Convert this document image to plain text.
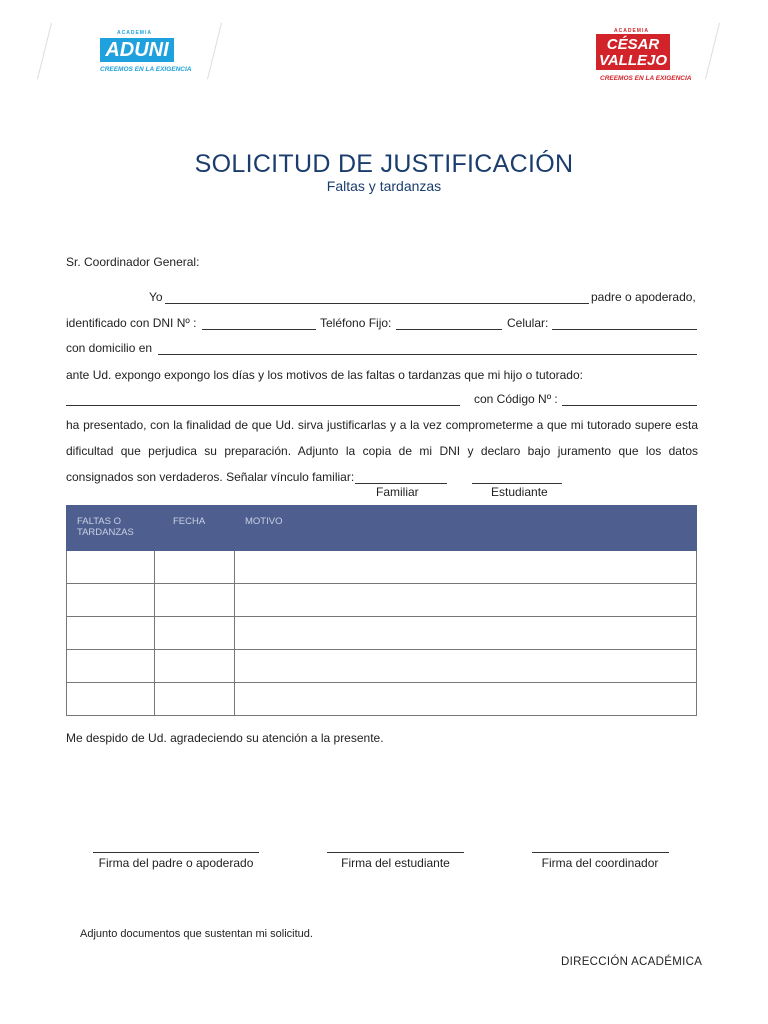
ACADEMIA
ADUNI
CREEMOS EN LA EXIGENCIA
ACADEMIA
CÉSAR
VALLEJO
CREEMOS EN LA EXIGENCIA
SOLICITUD DE JUSTIFICACIÓN
Faltas y tardanzas
Sr. Coordinador General:
Yo	padre o apoderado,
identificado con DNI Nº :	Teléfono Fijo:	Celular:
con domicilio en
ante Ud. expongo expongo los días y los motivos de las faltas o tardanzas que mi hijo o tutorado:
con Código Nº :
ha presentado, con la finalidad de que Ud. sirva justificarlas y a la vez comprometerme a que mi tutorado supere esta dificultad que perjudica su preparación. Adjunto la copia de mi DNI y declaro bajo juramento que los datos
consignados son verdaderos. Señalar vínculo familiar:
Familiar	Estudiante
FALTAS O TARDANZAS	FECHA	MOTIVO

Me despido de Ud. agradeciendo su atención a la presente.
Firma del padre o apoderado	Firma del estudiante	Firma del coordinador
Adjunto documentos que sustentan mi solicitud.
DIRECCIÓN ACADÉMICA
